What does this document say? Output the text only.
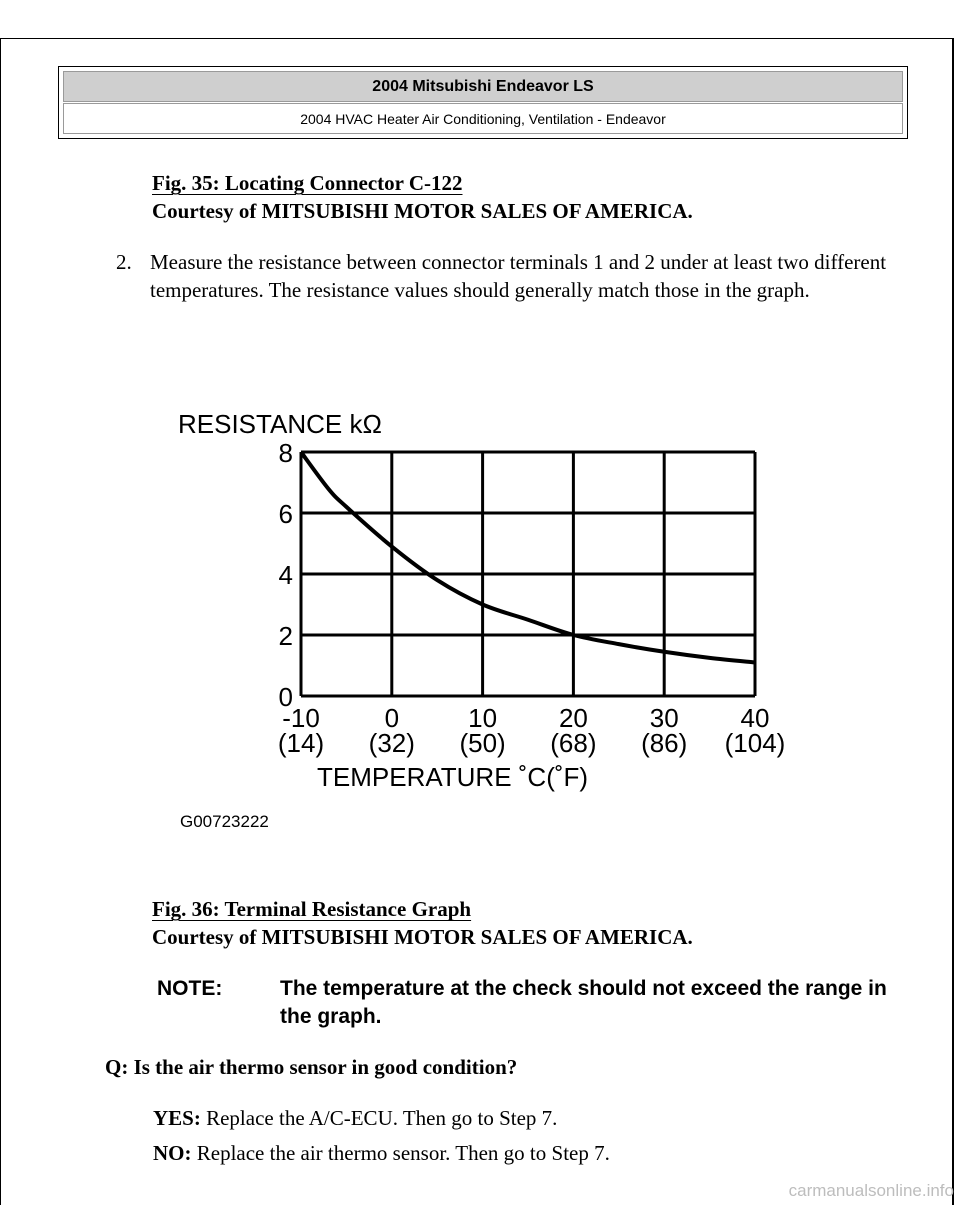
2004 Mitsubishi Endeavor LS
2004 HVAC Heater Air Conditioning, Ventilation - Endeavor
Fig. 35: Locating Connector C-122
Courtesy of MITSUBISHI MOTOR SALES OF AMERICA.
2. Measure the resistance between connector terminals 1 and 2 under at least two different temperatures. The resistance values should generally match those in the graph.
RESISTANCE kΩ
0
2
4
6
8
-10
(14)
0
(32)
10
(50)
20
(68)
30
(86)
40
(104)
TEMPERATURE ˚C(˚F)
G00723222
Fig. 36: Terminal Resistance Graph
Courtesy of MITSUBISHI MOTOR SALES OF AMERICA.
NOTE:	The temperature at the check should not exceed the range in the graph.
Q: Is the air thermo sensor in good condition?
YES: Replace the A/C-ECU. Then go to Step 7.
NO: Replace the air thermo sensor. Then go to Step 7.
carmanualsonline.info
